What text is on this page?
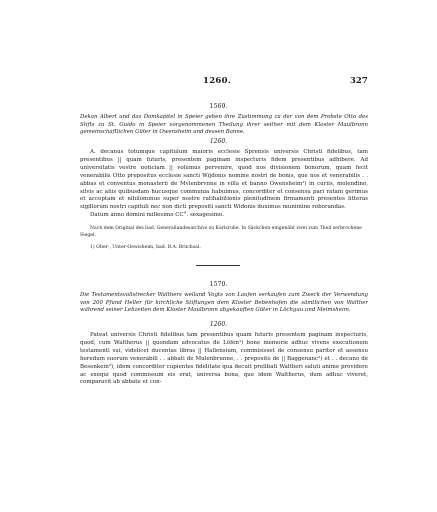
1260.	327
1569.
Dekan Albert und das Domkapitel in Speier geben ihre Zustimmung zu der von dem Probste Otto des Stifts zu St. Guido in Speier vorgenommenen Theilung ihrer seither mit dem Kloster Maulbronn gemeinschaftlichen Güter in Owensheim und dessen Banne.
1260.

A. decanus totumque capitulum maioris ecclesie Sprensis universis Christi fidelibus, tam presentibus || quam futuris, presentem paginam inspecturis fidem presentibus adhibere. Ad universitatis vestre noticiam || volumus pervenire, quod nos divisionem bonorum, quam fecit venerabilis Otto prepositus ecclesie sancti Wijdonis nomine nostri de bonis, que nos et venerabilis . . abbas et conventus monasterii de Mvlenbrvnne in villa et banno Owensheim¹) in curiis, molendino, silvis ac aliis quibusdam hucusque communia habuimus, concorditer et consensu pari ratam gerimus et acceptam et nihilominus super nostre ratihabitionis plenitudinem firmamenti presentes litteras sigillorum nostri capituli nec non dicti prepositi sancti Widonis duximus muniminе roborandas.

Datum anno domini millesimo CC°. sexagesimo.

Nach dem Original des bad. Generallandesarchivs zu Karlsruhe. In Säckchen eingenäht zwei zum Theil zerbrochene Siegel.
1) Ober-, Unter-Oewisheim, bad. B.A. Bruchsal.
1570.
Die Testamentsvollstrecker Walthers weiland Vogts von Laufen verkaufen zum Zweck der Verwendung von 200 Pfund Heller für kirchliche Stiftungen dem Kloster Bebenhofen die sämtlichen von Walther während seiner Lebzeiten dem Kloster Maulbronn abgekauften Güter in Löchgau und Meimsheim.
1260.

Pateat universis Christi fidelibus tam presentibus quam futuris presentem paginam inspecturis, quod, cum Waltherus || quondam advocatus de Löfen¹) bone memorie adhuc vivens executionem testamenti sui, videlicet ducentas libras || Hallensium, commisisset de consensu pariter et assensu heredum suorum venerabili . . abbati de Mulenbrunne, . . preposito de || Baggenanc²) et . . decano de Besenkein³), idem concorditer cupientes fidelitate qua decuit prelibati Waltheri saluti anime providere ac exequi quod commissum eis erat, universa bona, que idem Waltherus, dum adhuc viveret, comparavit ab abbate et con-
